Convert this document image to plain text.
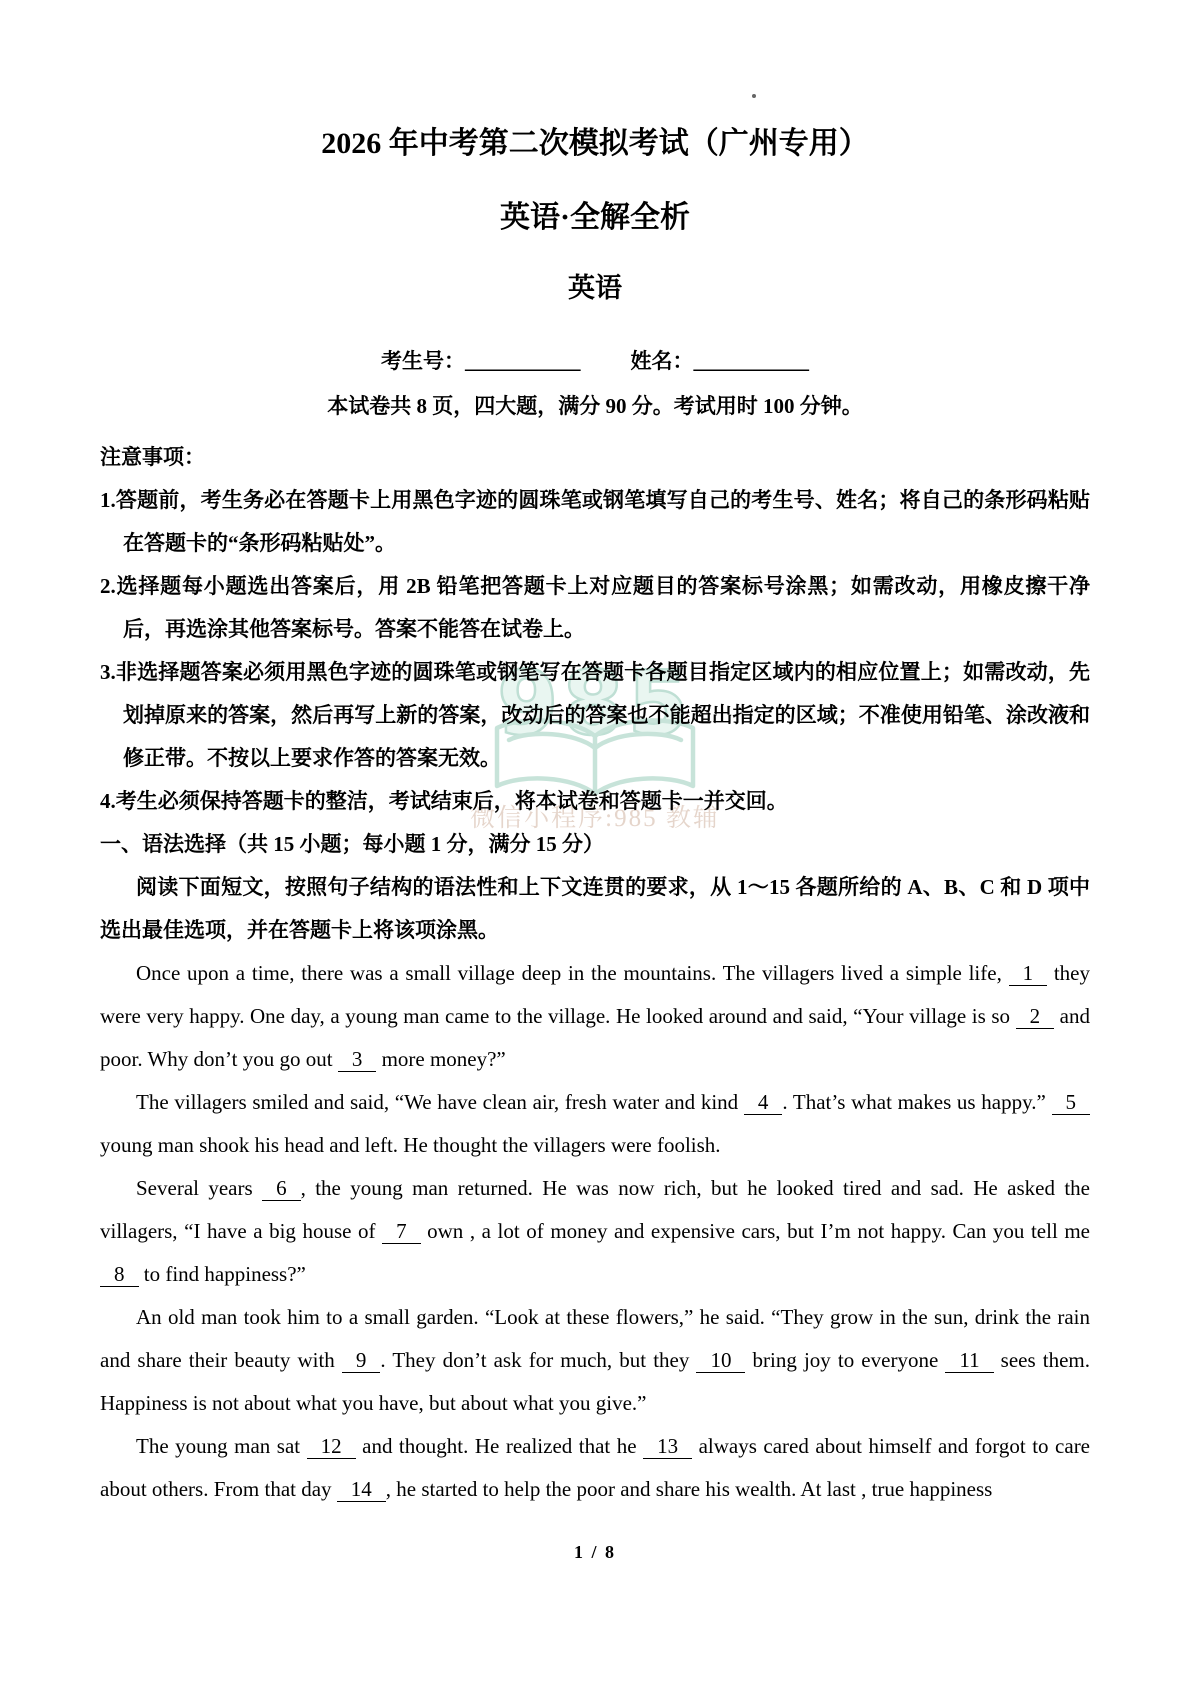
985
微信小程序:985 教辅
2026 年中考第二次模拟考试（广州专用）
英语·全解全析
英语
考生号：___________ 姓名：___________
本试卷共 8 页，四大题，满分 90 分。考试用时 100 分钟。
注意事项：
1.答题前，考生务必在答题卡上用黑色字迹的圆珠笔或钢笔填写自己的考生号、姓名；将自己的条形码粘贴在答题卡的“条形码粘贴处”。
2.选择题每小题选出答案后，用 2B 铅笔把答题卡上对应题目的答案标号涂黑；如需改动，用橡皮擦干净后，再选涂其他答案标号。答案不能答在试卷上。
3.非选择题答案必须用黑色字迹的圆珠笔或钢笔写在答题卡各题目指定区域内的相应位置上；如需改动，先划掉原来的答案，然后再写上新的答案，改动后的答案也不能超出指定的区域；不准使用铅笔、涂改液和修正带。不按以上要求作答的答案无效。
4.考生必须保持答题卡的整洁，考试结束后，将本试卷和答题卡一并交回。
一、语法选择（共 15 小题；每小题 1 分，满分 15 分）
阅读下面短文，按照句子结构的语法性和上下文连贯的要求，从 1～15 各题所给的 A、B、C 和 D 项中选出最佳选项，并在答题卡上将该项涂黑。

Once upon a time, there was a small village deep in the mountains. The villagers lived a simple life, 1 they were very happy. One day, a young man came to the village. He looked around and said, “Your village is so 2 and poor. Why don’t you go out 3 more money?”

The villagers smiled and said, “We have clean air, fresh water and kind 4 . That’s what makes us happy.” 5 young man shook his head and left. He thought the villagers were foolish.

Several years 6 , the young man returned. He was now rich, but he looked tired and sad. He asked the villagers, “I have a big house of 7 own , a lot of money and expensive cars, but I’m not happy. Can you tell me 8 to find happiness?”

An old man took him to a small garden. “Look at these flowers,” he said. “They grow in the sun, drink the rain and share their beauty with 9 . They don’t ask for much, but they 10 bring joy to everyone 11 sees them. Happiness is not about what you have, but about what you give.”

The young man sat 12 and thought. He realized that he 13 always cared about himself and forgot to care about others. From that day 14 , he started to help the poor and share his wealth. At last , true happiness

1 / 8
